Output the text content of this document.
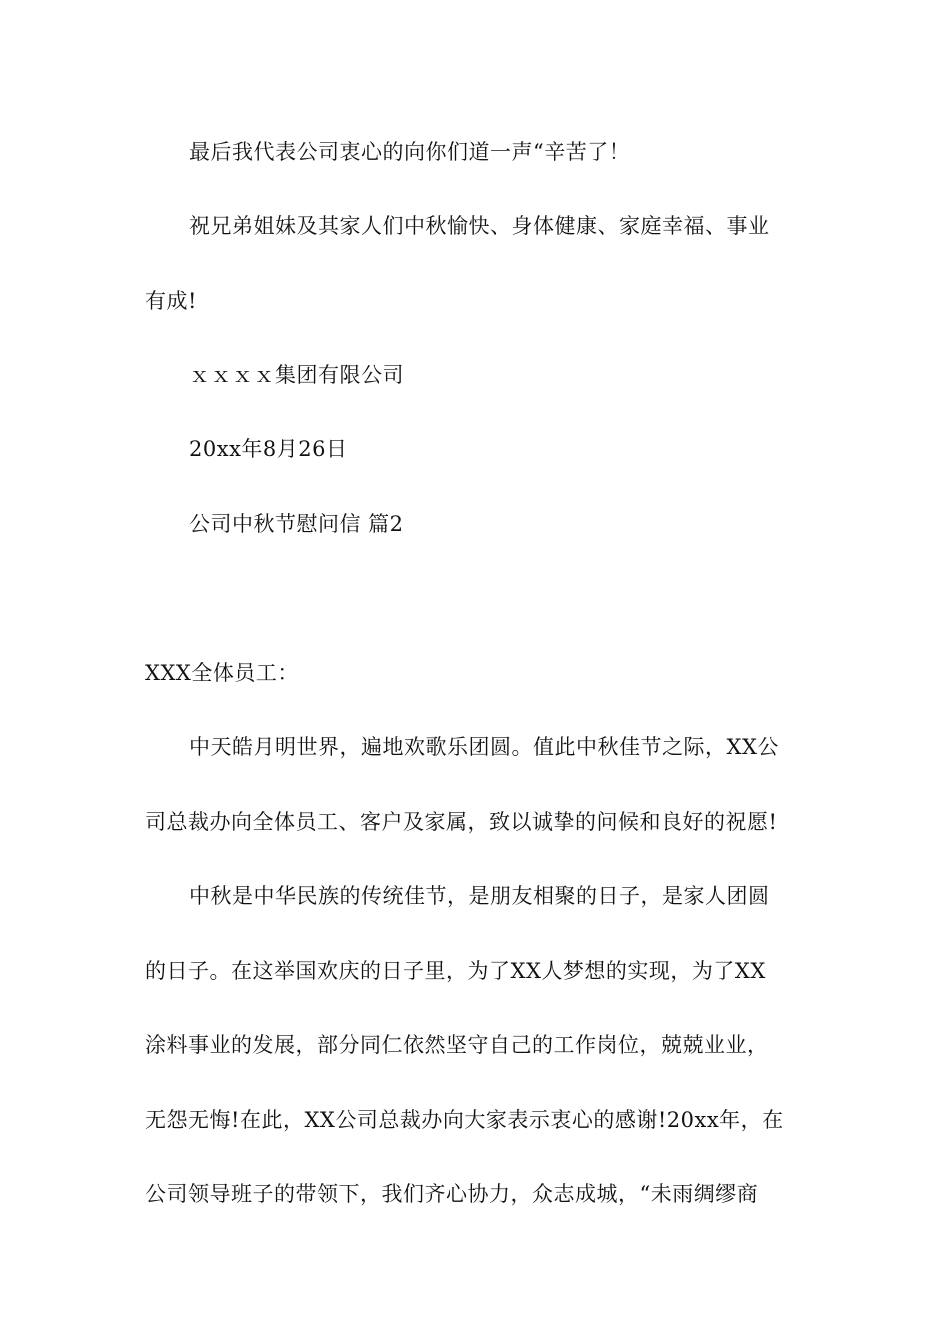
最后我代表公司衷心的向你们道一声“辛苦了！
祝兄弟姐妹及其家人们中秋愉快、身体健康、家庭幸福、事业
有成!
ｘｘｘｘ集团有限公司
20xx年8月26日
公司中秋节慰问信 篇2
XXX全体员工：
中天皓月明世界，遍地欢歌乐团圆。值此中秋佳节之际，XX公
司总裁办向全体员工、客户及家属，致以诚挚的问候和良好的祝愿!
中秋是中华民族的传统佳节，是朋友相聚的日子，是家人团圆
的日子。在这举国欢庆的日子里，为了XX人梦想的实现，为了XX
涂料事业的发展，部分同仁依然坚守自己的工作岗位，兢兢业业，
无怨无悔!在此，XX公司总裁办向大家表示衷心的感谢!20xx年，在
公司领导班子的带领下，我们齐心协力，众志成城，“未雨绸缪商
